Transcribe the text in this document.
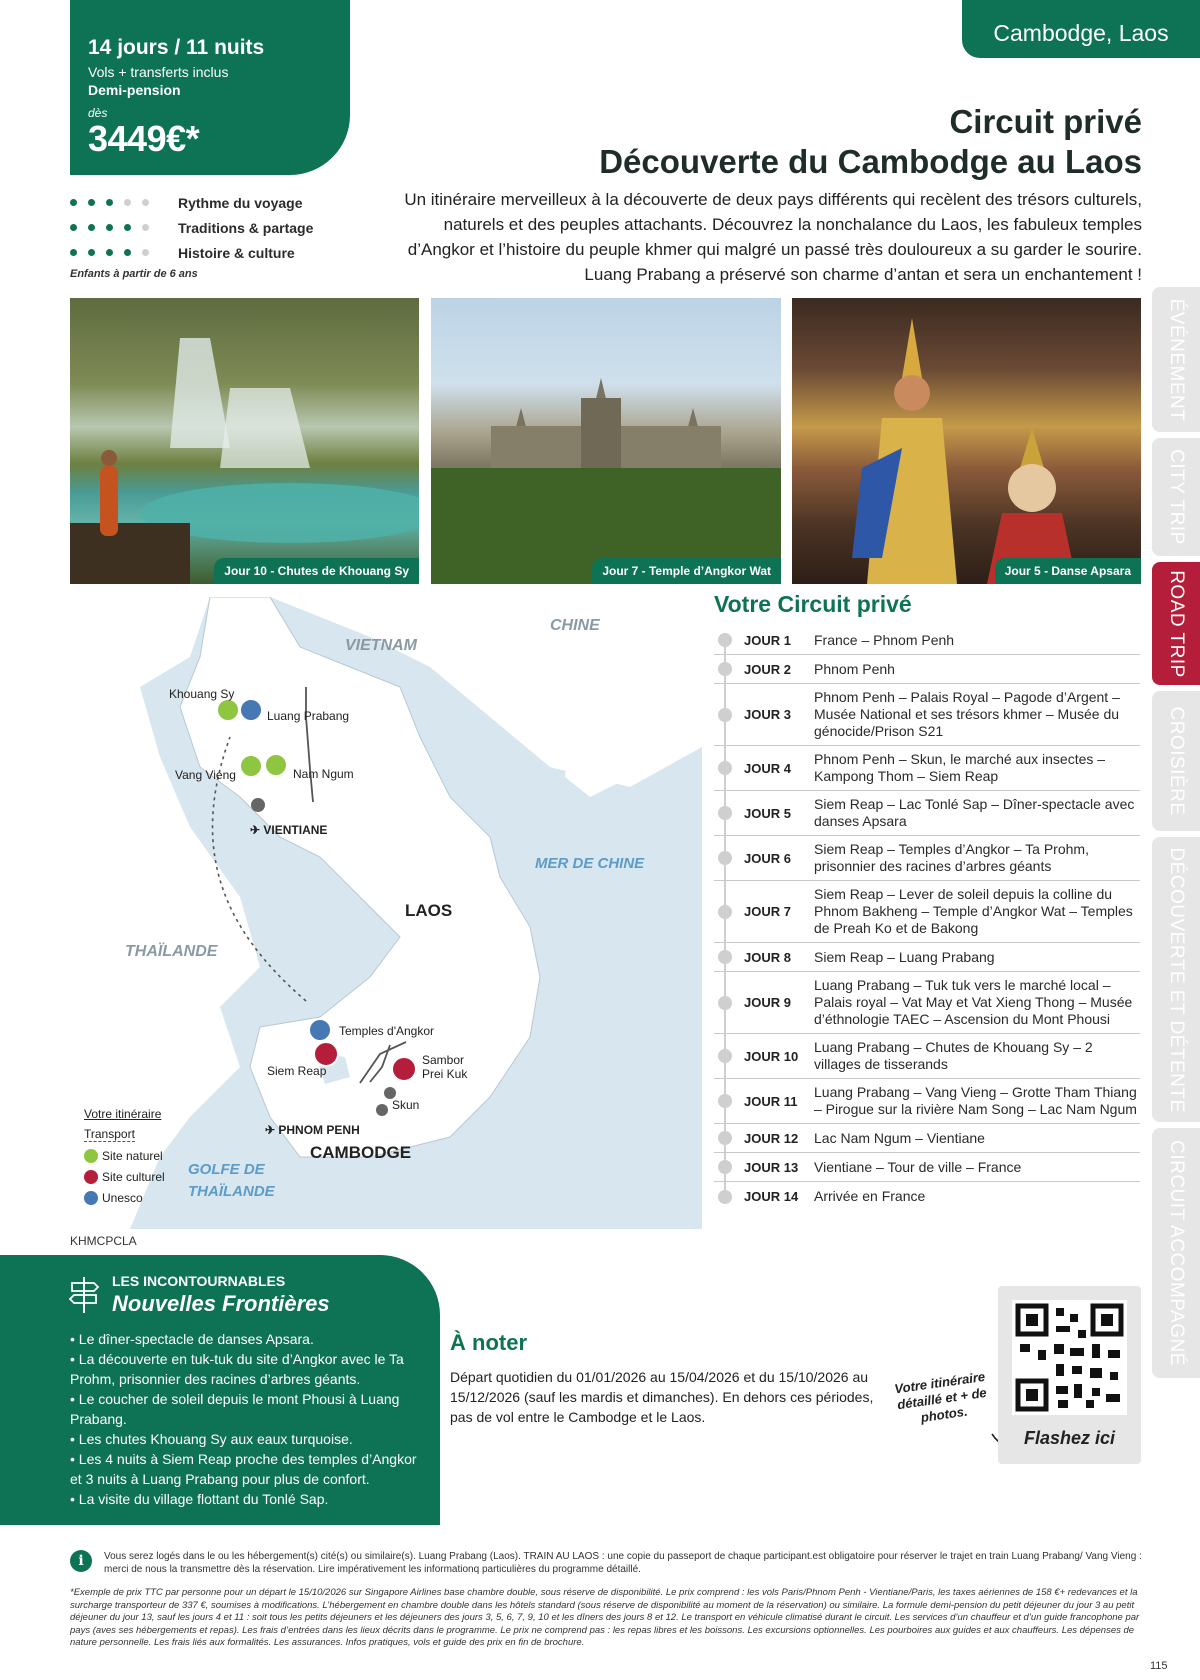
14 jours / 11 nuits
Vols + transferts inclus
Demi-pension
dès
3449€*
Rythme du voyage
Traditions & partage
Histoire & culture
Enfants à partir de 6 ans
Cambodge, Laos
Circuit privé
Découverte du Cambodge au Laos
Un itinéraire merveilleux à la découverte de deux pays différents qui recèlent des trésors culturels, naturels et des peuples attachants. Découvrez la nonchalance du Laos, les fabuleux temples d’Angkor et l’histoire du peuple khmer qui malgré un passé très douloureux a su garder le sourire. Luang Prabang a préservé son charme d’antan et sera un enchantement !
ÉVÉNEMENT
CITY TRIP
ROAD TRIP
CROISIÈRE
DÉCOUVERTE ET DÉTENTE
CIRCUIT ACCOMPAGNÉ
Jour 10 - Chutes de Khouang Sy	Jour 7 - Temple d’Angkor Wat	Jour 5 - Danse Apsara
VIETNAM
CHINE
THAÏLANDE
LAOS
CAMBODGE
MER DE CHINE
GOLFE DE
THAÏLANDE
Khouang Sy
Luang Prabang
Vang Vieng	Nam Ngum
✈ VIENTIANE
Temples d'Angkor
Siem Reap
Sambor
Prei Kuk
Skun
✈ PHNOM PENH
Votre itinéraire
Transport
Site naturel
Site culturel
Unesco
KHMCPCLA
Votre Circuit privé
JOUR 1	France – Phnom Penh
JOUR 2	Phnom Penh
JOUR 3
Phnom Penh – Palais Royal – Pagode d’Argent – Musée National et ses trésors khmer – Musée du génocide/Prison S21
JOUR 4
Phnom Penh – Skun, le marché aux insectes – Kampong Thom – Siem Reap
JOUR 5
Siem Reap – Lac Tonlé Sap – Dîner-spectacle avec danses Apsara
JOUR 6
Siem Reap – Temples d’Angkor – Ta Prohm, prisonnier des racines d’arbres géants
JOUR 7
Siem Reap – Lever de soleil depuis la colline du Phnom Bakheng – Temple d’Angkor Wat – Temples de Preah Ko et de Bakong
JOUR 8	Siem Reap – Luang Prabang
JOUR 9
Luang Prabang – Tuk tuk vers le marché local – Palais royal – Vat May et Vat Xieng Thong – Musée d’éthnologie TAEC – Ascension du Mont Phousi
JOUR 10
Luang Prabang – Chutes de Khouang Sy – 2 villages de tisserands
JOUR 11
Luang Prabang – Vang Vieng – Grotte Tham Thiang – Pirogue sur la rivière Nam Song – Lac Nam Ngum
JOUR 12	Lac Nam Ngum – Vientiane
JOUR 13	Vientiane – Tour de ville – France
JOUR 14	Arrivée en France
LES INCONTOURNABLES
Nouvelles Frontières
• Le dîner-spectacle de danses Apsara.
• La découverte en tuk-tuk du site d’Angkor avec le Ta Prohm, prisonnier des racines d’arbres géants.
• Le coucher de soleil depuis le mont Phousi à Luang Prabang.
• Les chutes Khouang Sy aux eaux turquoise.
• Les 4 nuits à Siem Reap proche des temples d’Angkor et 3 nuits à Luang Prabang pour plus de confort.
• La visite du village flottant du Tonlé Sap.
À noter
Départ quotidien du 01/01/2026 au 15/04/2026 et du 15/10/2026 au 15/12/2026 (sauf les mardis et dimanches). En dehors ces périodes, pas de vol entre le Cambodge et le Laos.
Votre itinéraire détaillé et + de photos.
Flashez ici
i	Vous serez logés dans le ou les hébergement(s) cité(s) ou similaire(s). Luang Prabang (Laos). TRAIN AU LAOS : une copie du passeport de chaque participant.est obligatoire pour réserver le trajet en train Luang Prabang/ Vang Vieng : merci de nous la transmettre dès la réservation. Lire impérativement les informationq particulières du programme détaillé.
*Exemple de prix TTC par personne pour un départ le 15/10/2026 sur Singapore Airlines base chambre double, sous réserve de disponibilité. Le prix comprend : les vols Paris/Phnom Penh - Vientiane/Paris, les taxes aériennes de 158 €+ redevances et la surcharge transporteur de 337 €, soumises à modifications. L’hébergement en chambre double dans les hôtels standard (sous réserve de disponibilité au moment de la réservation) ou similaire. La formule demi-pension du petit déjeuner du jour 3 au petit déjeuner du jour 13, sauf les jours 4 et 11 : soit tous les petits déjeuners et les déjeuners des jours 3, 5, 6, 7, 9, 10 et les dîners des jours 8 et 12. Le transport en véhicule climatisé durant le circuit. Les services d’un chauffeur et d’un guide francophone par pays (aves ses hébergements et repas). Les frais d’entrées dans les lieux décrits dans le programme. Le prix ne comprend pas : les repas libres et les boissons. Les excursions optionnelles. Les pourboires aux guides et aux chauffeurs. Les dépenses de nature personnelle. Les frais liés aux formalités. Les assurances. Infos pratiques, vols et guide des prix en fin de brochure.
115
